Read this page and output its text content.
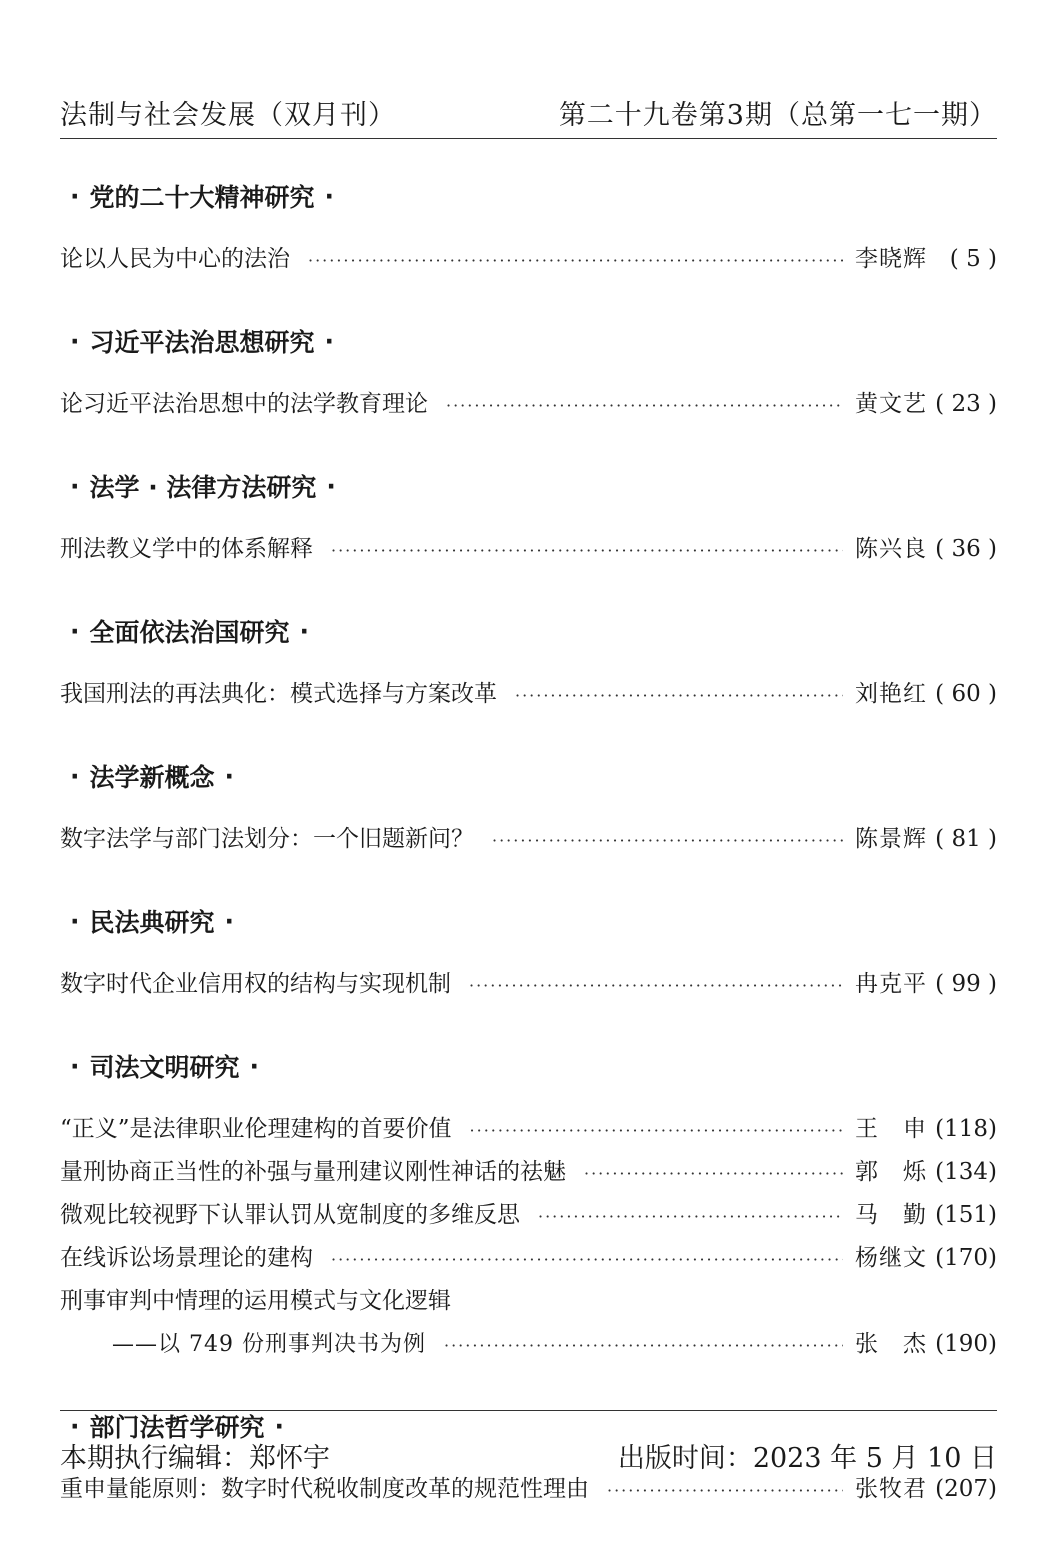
法制与社会发展（双月刊）	第二十九卷第3期（总第一七一期）
· 党的二十大精神研究 ·
论以人民为中心的法治 ·····	李晓辉 ( 5 )
· 习近平法治思想研究 ·
论习近平法治思想中的法学教育理论 ·····	黄文艺 ( 23 )
· 法学 · 法律方法研究 ·
刑法教义学中的体系解释 ·····	陈兴良 ( 36 )
· 全面依法治国研究 ·
我国刑法的再法典化：模式选择与方案改革 ·····	刘艳红 ( 60 )
· 法学新概念 ·
数字法学与部门法划分：一个旧题新问？ ·····	陈景辉 ( 81 )
· 民法典研究 ·
数字时代企业信用权的结构与实现机制 ·····	冉克平 ( 99 )
· 司法文明研究 ·
“正义”是法律职业伦理建构的首要价值 ·····	王　申 (118)
量刑协商正当性的补强与量刑建议刚性神话的祛魅 ·····	郭　烁 (134)
微观比较视野下认罪认罚从宽制度的多维反思 ·····	马　勤 (151)
在线诉讼场景理论的建构 ·····	杨继文 (170)
刑事审判中情理的运用模式与文化逻辑
——以 749 份刑事判决书为例 ·····	张　杰 (190)
· 部门法哲学研究 ·
重申量能原则：数字时代税收制度改革的规范性理由 ·····	张牧君 (207)
本期执行编辑：郑怀宇	出版时间：2023 年 5 月 10 日
